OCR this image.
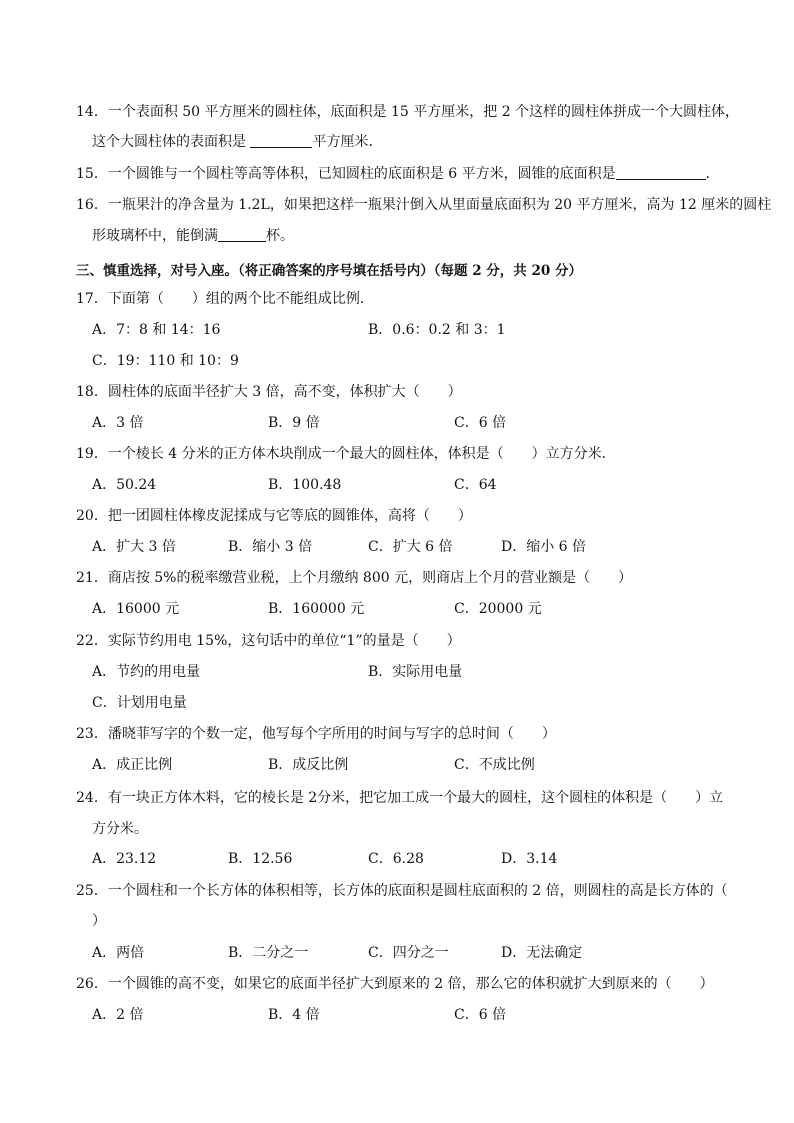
14．一个表面积 50 平方厘米的圆柱体，底面积是 15 平方厘米，把 2 个这样的圆柱体拼成一个大圆柱体，
这个大圆柱体的表面积是	平方厘米．
15．一个圆锥与一个圆柱等高等体积，已知圆柱的底面积是 6 平方米，圆锥的底面积是	．
16．一瓶果汁的净含量为 1.2L，如果把这样一瓶果汁倒入从里面量底面积为 20 平方厘米，高为 12 厘米的圆柱
形玻璃杯中，能倒满	杯。
三、慎重选择，对号入座。（将正确答案的序号填在括号内）（每题 2 分，共 20 分）
17．下面第（　　）组的两个比不能组成比例．
A．7：8 和 14：16	B．0.6：0.2 和 3：1
C．19：110 和 10：9
18．圆柱体的底面半径扩大 3 倍，高不变，体积扩大（　　）
A．3 倍	B．9 倍	C．6 倍
19．一个棱长 4 分米的正方体木块削成一个最大的圆柱体，体积是（　　）立方分米．
A．50.24	B．100.48	C．64
20．把一团圆柱体橡皮泥揉成与它等底的圆锥体，高将（　　）
A．扩大 3 倍	B．缩小 3 倍	C．扩大 6 倍	D．缩小 6 倍
21．商店按 5%的税率缴营业税，上个月缴纳 800 元，则商店上个月的营业额是（　　）
A．16000 元	B．160000 元	C．20000 元
22．实际节约用电 15%，这句话中的单位“1”的量是（　　）
A．节约的用电量	B．实际用电量
C．计划用电量
23．潘晓菲写字的个数一定，他写每个字所用的时间与写字的总时间（　　）
A．成正比例	B．成反比例	C．不成比例
24．有一块正方体木料，它的棱长是 2分米，把它加工成一个最大的圆柱，这个圆柱的体积是（　　）立
方分米。
A．23.12	B．12.56	C．6.28	D．3.14
25．一个圆柱和一个长方体的体积相等，长方体的底面积是圆柱底面积的 2 倍，则圆柱的高是长方体的（
）
A．两倍	B．二分之一	C．四分之一	D．无法确定
26．一个圆锥的高不变，如果它的底面半径扩大到原来的 2 倍，那么它的体积就扩大到原来的（　　）
A．2 倍	B．4 倍	C．6 倍
